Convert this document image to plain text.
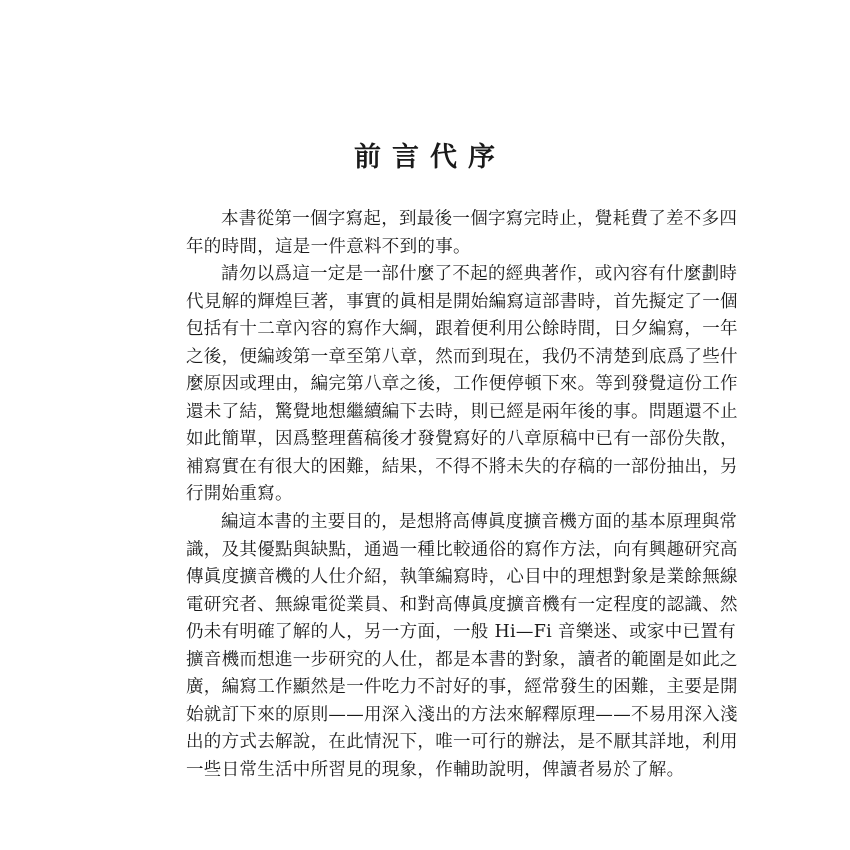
前言代序
本書從第一個字寫起，到最後一個字寫完時止，覺耗費了差不多四
年的時間，這是一件意料不到的事。
請勿以爲這一定是一部什麼了不起的經典著作，或內容有什麼劃時
代見解的輝煌巨著，事實的眞相是開始編寫這部書時，首先擬定了一個
包括有十二章內容的寫作大綱，跟着便利用公餘時間，日夕編寫，一年
之後，便編竣第一章至第八章，然而到現在，我仍不淸楚到底爲了些什
麼原因或理由，編完第八章之後，工作便停頓下來。等到發覺這份工作
還未了結，驚覺地想繼續編下去時，則已經是兩年後的事。問題還不止
如此簡單，因爲整理舊稿後才發覺寫好的八章原稿中已有一部份失散，
補寫實在有很大的困難，結果，不得不將未失的存稿的一部份抽出，另
行開始重寫。
編這本書的主要目的，是想將高傳眞度擴音機方面的基本原理與常
識，及其優點與缺點，通過一種比較通俗的寫作方法，向有興趣研究高
傳眞度擴音機的人仕介紹，執筆編寫時，心目中的理想對象是業餘無線
電研究者、無線電從業員、和對高傳眞度擴音機有一定程度的認識、然
仍未有明確了解的人，另一方面，一般 Hi—Fi 音樂迷、或家中已置有
擴音機而想進一步研究的人仕，都是本書的對象，讀者的範圍是如此之
廣，編寫工作顯然是一件吃力不討好的事，經常發生的困難，主要是開
始就訂下來的原則——用深入淺出的方法來解釋原理——不易用深入淺
出的方式去解說，在此情況下，唯一可行的辦法，是不厭其詳地，利用
一些日常生活中所習見的現象，作輔助說明，俾讀者易於了解。
